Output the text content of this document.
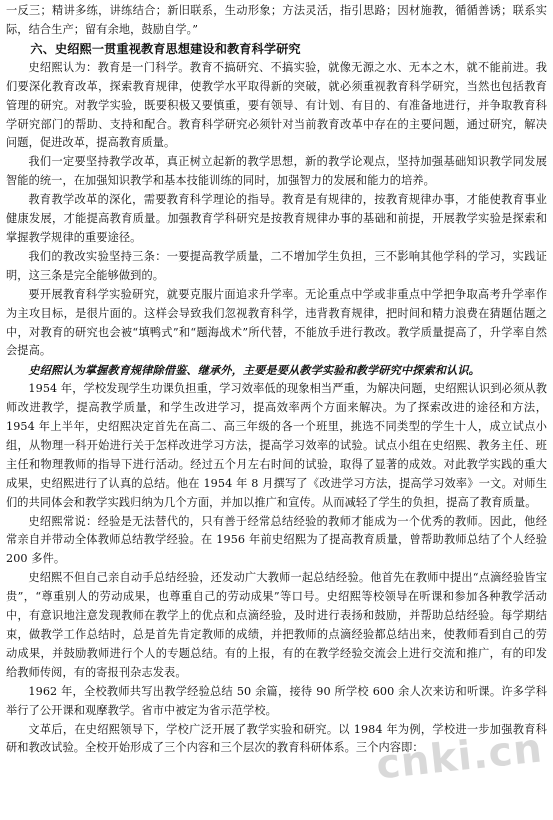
一反三；精讲多练，讲练结合；新旧联系，生动形象；方法灵活，指引思路；因材施教，循循善诱；联系实际，结合生产；留有余地，鼓励自学。”

六、史绍熙一贯重视教育思想建设和教育科学研究

史绍熙认为：教育是一门科学。教育不搞研究、不搞实验，就像无源之水、无本之木，就不能前进。我们要深化教育改革，探索教育规律，使教学水平取得新的突破，就必须重视教育科学研究，当然也包括教育管理的研究。对教学实验，既要积极又要慎重，要有领导、有计划、有目的、有准备地进行，并争取教育科学研究部门的帮助、支持和配合。教育科学研究必须针对当前教育改革中存在的主要问题，通过研究，解决问题，促进改革，提高教育质量。

我们一定要坚持教学改革，真正树立起新的教学思想，新的教学论观点，坚持加强基础知识教学同发展智能的统一，在加强知识教学和基本技能训练的同时，加强智力的发展和能力的培养。

教育教学改革的深化，需要教育科学理论的指导。教育是有规律的，按教育规律办事，才能使教育事业健康发展，才能提高教育质量。加强教育学科研究是按教育规律办事的基础和前提，开展教学实验是探索和掌握教学规律的重要途径。

我们的教改实验坚持三条：一要提高教学质量，二不增加学生负担，三不影响其他学科的学习，实践证明，这三条是完全能够做到的。

要开展教育科学实验研究，就要克服片面追求升学率。无论重点中学或非重点中学把争取高考升学率作为主攻目标，是很片面的。这样会导致我们忽视教育科学，违背教育规律，把时间和精力浪费在猜题估题之中，对教育的研究也会被“填鸭式”和“题海战术”所代替，不能放手进行教改。教学质量提高了，升学率自然会提高。

史绍熙认为掌握教育规律除借鉴、继承外，主要是要从教学实验和教学研究中探索和认识。

1954 年，学校发现学生功课负担重，学习效率低的现象相当严重，为解决问题，史绍熙认识到必须从教师改进教学，提高教学质量，和学生改进学习，提高效率两个方面来解决。为了探索改进的途径和方法，1954 年上半年，史绍熙决定首先在高二、高三年级的各一个班里，挑选不同类型的学生十人，成立试点小组，从物理一科开始进行关于怎样改进学习方法，提高学习效率的试验。试点小组在史绍熙、教务主任、班主任和物理教师的指导下进行活动。经过五个月左右时间的试验，取得了显著的成效。对此教学实践的重大成果，史绍熙进行了认真的总结。他在 1954 年 8 月撰写了《改进学习方法，提高学习效率》一文。对师生们的共同体会和教学实践归纳为几个方面，并加以推广和宣传。从而减轻了学生的负担，提高了教育质量。

史绍熙常说：经验是无法替代的，只有善于经常总结经验的教师才能成为一个优秀的教师。因此，他经常亲自并带动全体教师总结教学经验。在 1956 年前史绍熙为了提高教育质量，曾帮助教师总结了个人经验 200 多件。

史绍熙不但自己亲自动手总结经验，还发动广大教师一起总结经验。他首先在教师中提出“点滴经验皆宝贵”，“尊重别人的劳动成果，也尊重自己的劳动成果”等口号。史绍熙等校领导在听课和参加各种教学活动中，有意识地注意发现教师在教学上的优点和点滴经验，及时进行表扬和鼓励，并帮助总结经验。每学期结束，做教学工作总结时，总是首先肯定教师的成绩，并把教师的点滴经验都总结出来，使教师看到自己的劳动成果，并鼓励教师进行个人的专题总结。有的上报，有的在教学经验交流会上进行交流和推广，有的印发给教师传阅，有的寄报刊杂志发表。

1962 年，全校教师共写出教学经验总结 50 余篇，接待 90 所学校 600 余人次来访和听课。许多学科举行了公开课和观摩教学。省市中被定为省示范学校。

文革后，在史绍熙领导下，学校广泛开展了教学实验和研究。以 1984 年为例，学校进一步加强教育科研和教改试验。全校开始形成了三个内容和三个层次的教育科研体系。三个内容即：

cnki.cn
